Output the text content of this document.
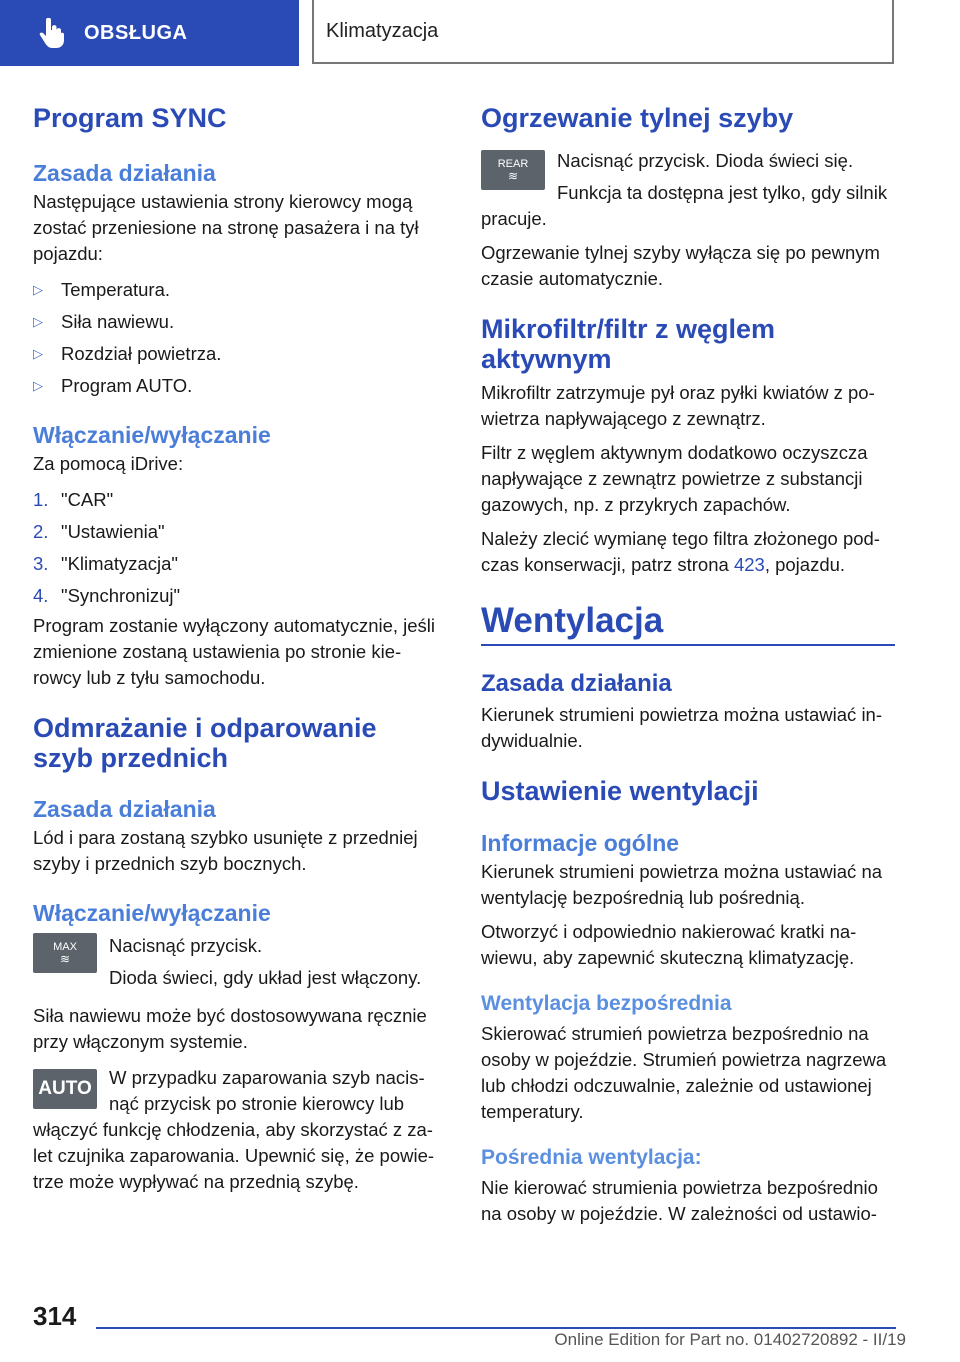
OBSŁUGA	Klimatyzacja
Program SYNC
Zasada działania

Następujące ustawienia strony kierowcy mogą zostać przeniesione na stronę pasażera i na tył pojazdu:

▷ Temperatura.
▷ Siła nawiewu.
▷ Rozdział powietrza.
▷ Program AUTO.
Włączanie/wyłączanie

Za pomocą iDrive:

1. "CAR"
2. "Ustawienia"
3. "Klimatyzacja"
4. "Synchronizuj"

Program zostanie wyłączony automatycznie, jeśli zmienione zostaną ustawienia po stronie kie-rowcy lub z tyłu samochodu.

Odmrażanie i odparowanie szyb przednich
Zasada działania

Lód i para zostaną szybko usunięte z przedniej szyby i przednich szyb bocznych.

Włączanie/wyłączanie
MAX
≋

Nacisnąć przycisk.

Dioda świeci, gdy układ jest włączony.

Siła nawiewu może być dostosowywana ręcznie przy włączonym systemie.

AUTO

W przypadku zaparowania szyb nacis-nąć przycisk po stronie kierowcy lub włączyć funkcję chłodzenia, aby skorzystać z za-let czujnika zaparowania. Upewnić się, że powie-trze może wypływać na przednią szybę.

Ogrzewanie tylnej szyby
REAR
≋

Nacisnąć przycisk. Dioda świeci się.

Funkcja ta dostępna jest tylko, gdy silnik pracuje.

Ogrzewanie tylnej szyby wyłącza się po pewnym czasie automatycznie.

Mikrofiltr/filtr z węglem aktywnym

Mikrofiltr zatrzymuje pył oraz pyłki kwiatów z po-wietrza napływającego z zewnątrz.

Filtr z węglem aktywnym dodatkowo oczyszcza napływające z zewnątrz powietrze z substancji gazowych, np. z przykrych zapachów.

Należy zlecić wymianę tego filtra złożonego pod-czas konserwacji, patrz strona 423, pojazdu.

Wentylacja
Zasada działania

Kierunek strumieni powietrza można ustawiać in-dywidualnie.

Ustawienie wentylacji
Informacje ogólne

Kierunek strumieni powietrza można ustawiać na wentylację bezpośrednią lub pośrednią.

Otworzyć i odpowiednio nakierować kratki na-wiewu, aby zapewnić skuteczną klimatyzację.

Wentylacja bezpośrednia

Skierować strumień powietrza bezpośrednio na osoby w pojeździe. Strumień powietrza nagrzewa lub chłodzi odczuwalnie, zależnie od ustawionej temperatury.

Pośrednia wentylacja:

Nie kierować strumienia powietrza bezpośrednio na osoby w pojeździe. W zależności od ustawio-

314
Online Edition for Part no. 01402720892 - II/19
